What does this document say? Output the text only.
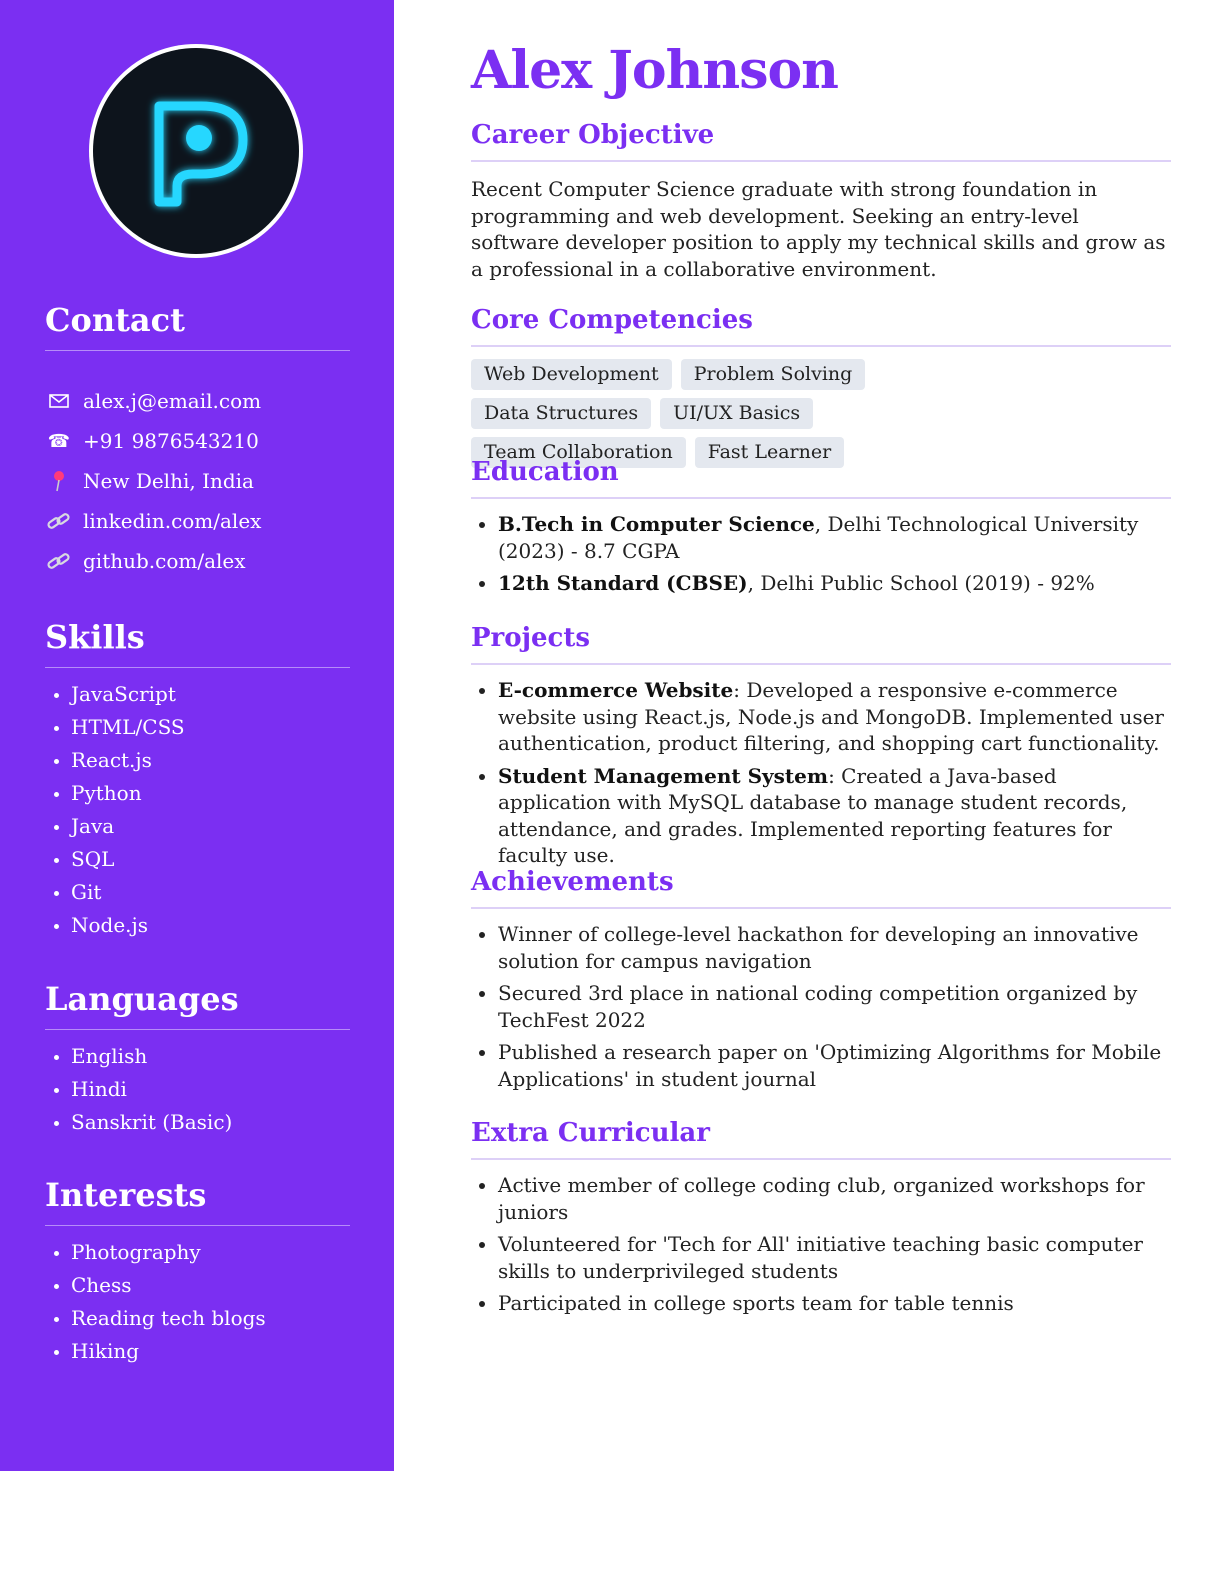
Contact
alex.j@email.com
☎ +91 9876543210
New Delhi, India
linkedin.com/alex
github.com/alex
Skills
• JavaScript
• HTML/CSS
• React.js
• Python
• Java
• SQL
• Git
• Node.js
Languages
• English
• Hindi
• Sanskrit (Basic)
Interests
• Photography
• Chess
• Reading tech blogs
• Hiking
Alex Johnson
Career Objective

Recent Computer Science graduate with strong foundation in programming and web development. Seeking an entry-level software developer position to apply my technical skills and grow as a professional in a collaborative environment.

Core Competencies
Web Development	Problem Solving
Data Structures	UI/UX Basics
Team Collaboration	Fast Learner
Education
• B.Tech in Computer Science, Delhi Technological University (2023) - 8.7 CGPA
• 12th Standard (CBSE), Delhi Public School (2019) - 92%
Projects
• E-commerce Website: Developed a responsive e-commerce website using React.js, Node.js and MongoDB. Implemented user authentication, product filtering, and shopping cart functionality.
• Student Management System: Created a Java-based application with MySQL database to manage student records, attendance, and grades. Implemented reporting features for faculty use.
Achievements
• Winner of college-level hackathon for developing an innovative solution for campus navigation
• Secured 3rd place in national coding competition organized by TechFest 2022
• Published a research paper on 'Optimizing Algorithms for Mobile Applications' in student journal
Extra Curricular
• Active member of college coding club, organized workshops for juniors
• Volunteered for 'Tech for All' initiative teaching basic computer skills to underprivileged students
• Participated in college sports team for table tennis
